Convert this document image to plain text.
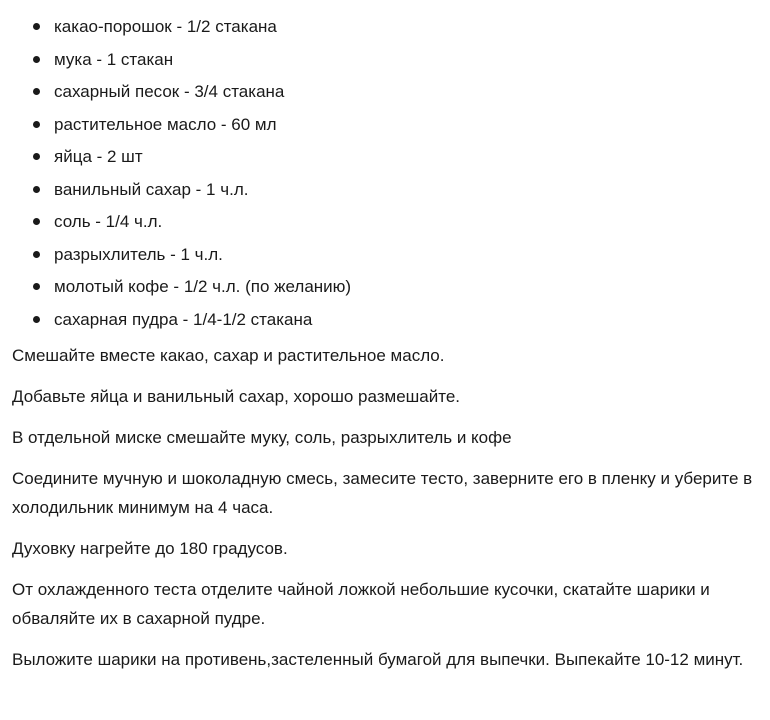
какао-порошок - 1/2 стакана
мука - 1 стакан
сахарный песок - 3/4 стакана
растительное масло - 60 мл
яйца - 2 шт
ванильный сахар - 1 ч.л.
соль - 1/4 ч.л.
разрыхлитель - 1 ч.л.
молотый кофе - 1/2 ч.л. (по желанию)
сахарная пудра - 1/4-1/2 стакана

Смешайте вместе какао, сахар и растительное масло.

Добавьте яйца и ванильный сахар, хорошо размешайте.

В отдельной миске смешайте муку, соль, разрыхлитель и кофе

Соедините мучную и шоколадную смесь, замесите тесто, заверните его в пленку и уберите в холодильник минимум на 4 часа.

Духовку нагрейте до 180 градусов.

От охлажденного теста отделите чайной ложкой небольшие кусочки, скатайте шарики и обваляйте их в сахарной пудре.

Выложите шарики на противень,застеленный бумагой для выпечки. Выпекайте 10-12 минут.
